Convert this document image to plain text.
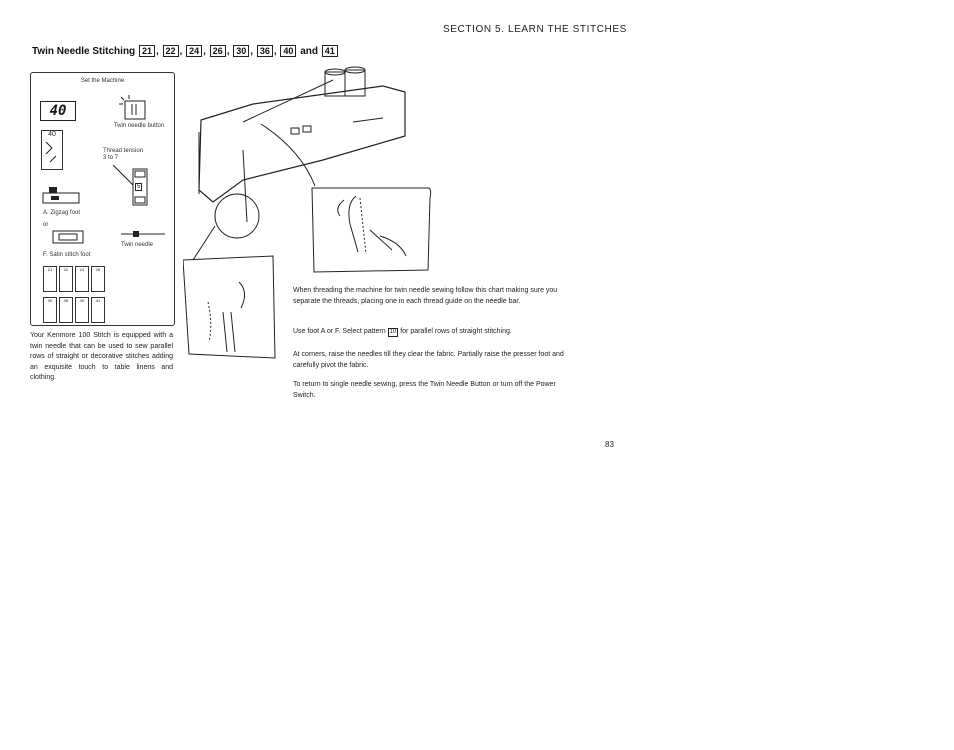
SECTION 5. LEARN THE STITCHES
Twin Needle Stitching 21 , 22 , 24 , 26 , 30 , 36 , 40 and 41
Set the Machine
40
Twin needle button
40
Thread tension
3 to 7
5
A. Zigzag foot
or
Twin needle
F. Satin stitch foot
21	22	24	26
30	36	40	41
Your Kenmore 100 Stitch is equipped with a twin needle that can be used to sew parallel rows of straight or decorative stitches adding an exquisite touch to table linens and clothing.
When threading the machine for twin needle sewing follow this chart making sure you separate the threads, placing one in each thread guide on the needle bar.
Use foot A or F. Select pattern 10 for parallel rows of straight stitching.
At corners, raise the needles till they clear the fabric. Partially raise the presser foot and carefully pivot the fabric.
To return to single needle sewing, press the Twin Needle Button or turn off the Power Switch.
83
